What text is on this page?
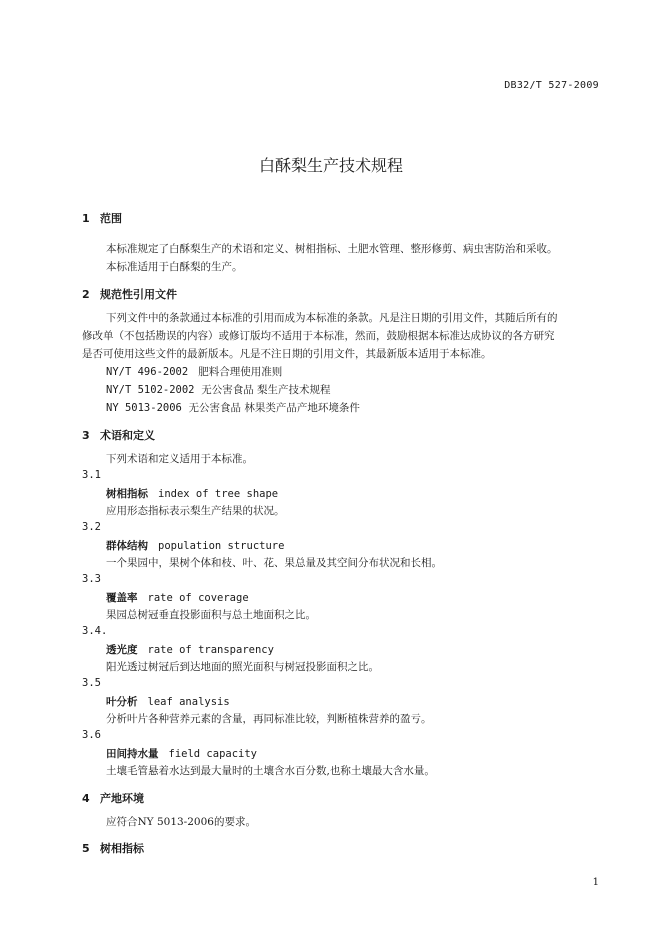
DB32/T 527-2009
白酥梨生产技术规程
1 范围
本标准规定了白酥梨生产的术语和定义、树相指标、土肥水管理、整形修剪、病虫害防治和采收。
本标准适用于白酥梨的生产。
2 规范性引用文件
下列文件中的条款通过本标准的引用而成为本标准的条款。凡是注日期的引用文件，其随后所有的
修改单（不包括勘误的内容）或修订版均不适用于本标准，然而，鼓励根据本标准达成协议的各方研究
是否可使用这些文件的最新版本。凡是不注日期的引用文件，其最新版本适用于本标准。
NY/T 496-2002 肥料合理使用准则
NY/T 5102-2002 无公害食品 梨生产技术规程
NY 5013-2006 无公害食品 林果类产品产地环境条件
3 术语和定义
下列术语和定义适用于本标准。
3.1
树相指标 index of tree shape
应用形态指标表示梨生产结果的状况。
3.2
群体结构 population structure
一个果园中，果树个体和枝、叶、花、果总量及其空间分布状况和长相。
3.3
覆盖率 rate of coverage
果园总树冠垂直投影面积与总土地面积之比。
3.4.
透光度 rate of transparency
阳光透过树冠后到达地面的照光面积与树冠投影面积之比。
3.5
叶分析 leaf analysis
分析叶片各种营养元素的含量，再同标准比较，判断植株营养的盈亏。
3.6
田间持水量 field capacity
土壤毛管悬着水达到最大量时的土壤含水百分数,也称土壤最大含水量。
4 产地环境
应符合NY 5013-2006的要求。
5 树相指标
1
